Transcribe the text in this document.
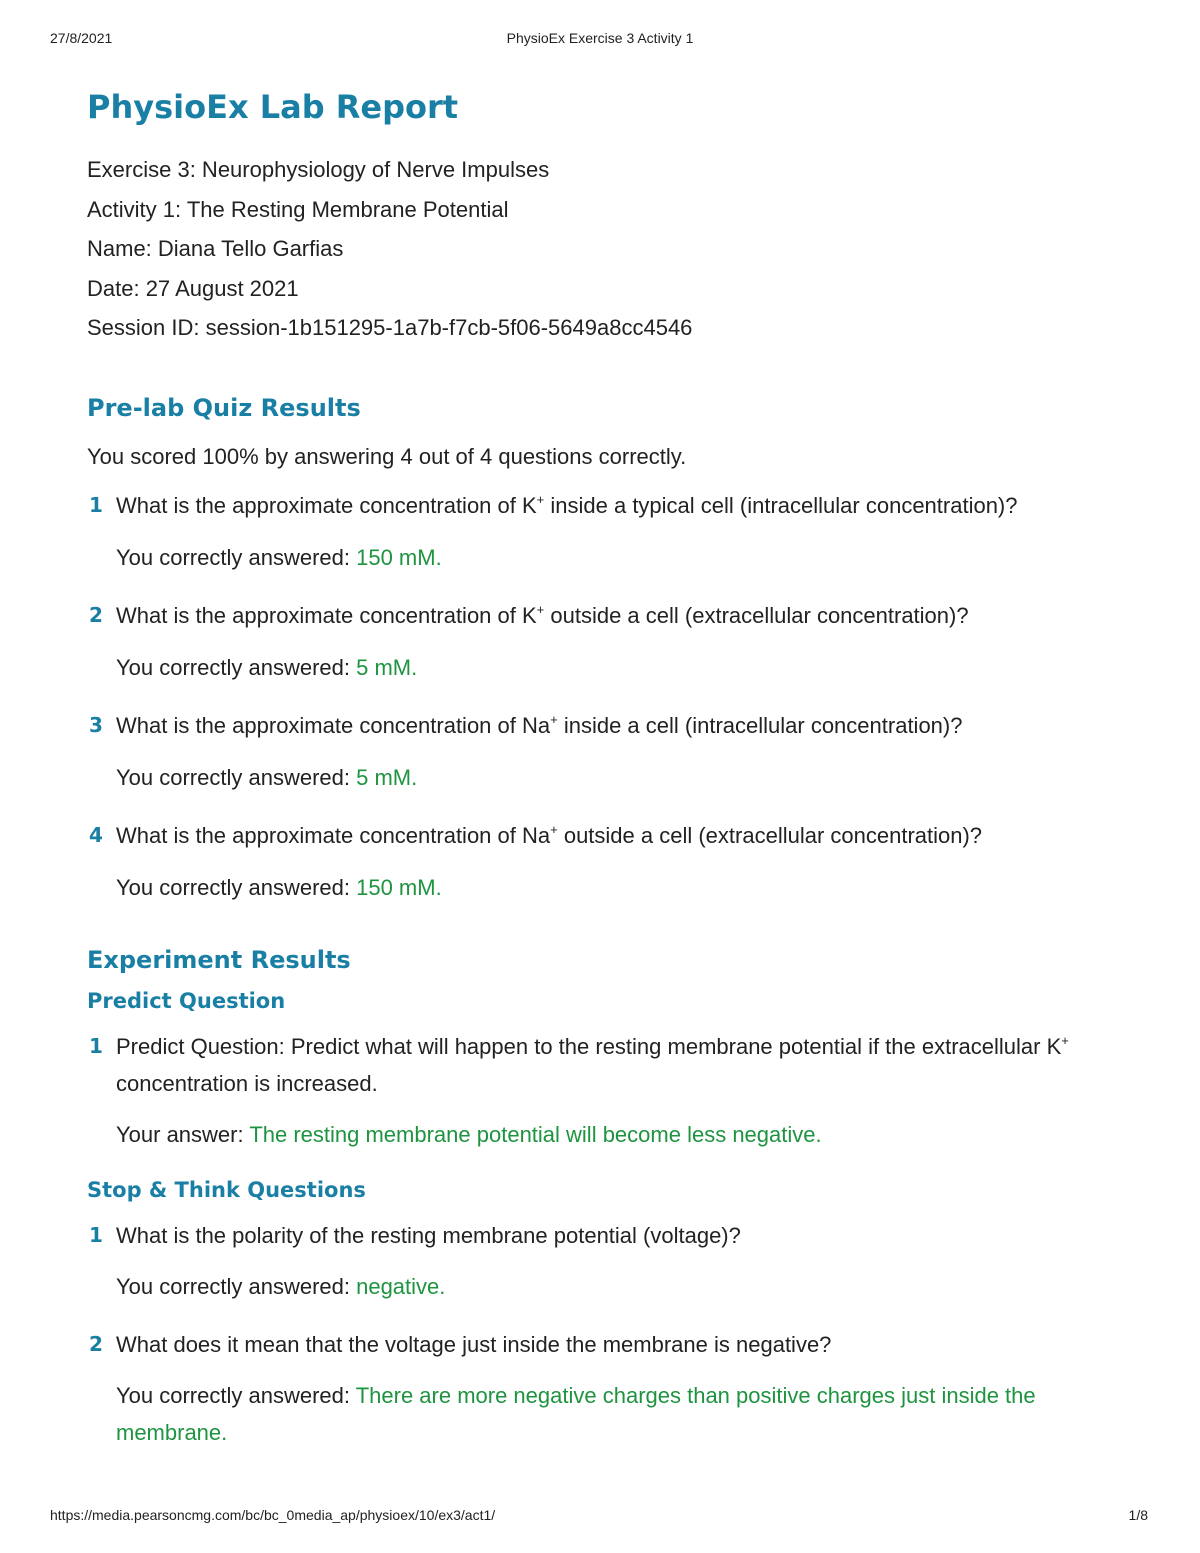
27/8/2021	PhysioEx Exercise 3 Activity 1
PhysioEx Lab Report
Exercise 3: Neurophysiology of Nerve Impulses
Activity 1: The Resting Membrane Potential
Name: Diana Tello Garfias
Date: 27 August 2021
Session ID: session-1b151295-1a7b-f7cb-5f06-5649a8cc4546
Pre-lab Quiz Results
You scored 100% by answering 4 out of 4 questions correctly.
1 What is the approximate concentration of K+ inside a typical cell (intracellular concentration)?
You correctly answered: 150 mM.
2 What is the approximate concentration of K+ outside a cell (extracellular concentration)?
You correctly answered: 5 mM.
3 What is the approximate concentration of Na+ inside a cell (intracellular concentration)?
You correctly answered: 5 mM.
4 What is the approximate concentration of Na+ outside a cell (extracellular concentration)?
You correctly answered: 150 mM.
Experiment Results
Predict Question
1 Predict Question: Predict what will happen to the resting membrane potential if the extracellular K+ concentration is increased.
Your answer: The resting membrane potential will become less negative.
Stop & Think Questions
1 What is the polarity of the resting membrane potential (voltage)?
You correctly answered: negative.
2 What does it mean that the voltage just inside the membrane is negative?
You correctly answered: There are more negative charges than positive charges just inside the membrane.
https://media.pearsoncmg.com/bc/bc_0media_ap/physioex/10/ex3/act1/	1/8
